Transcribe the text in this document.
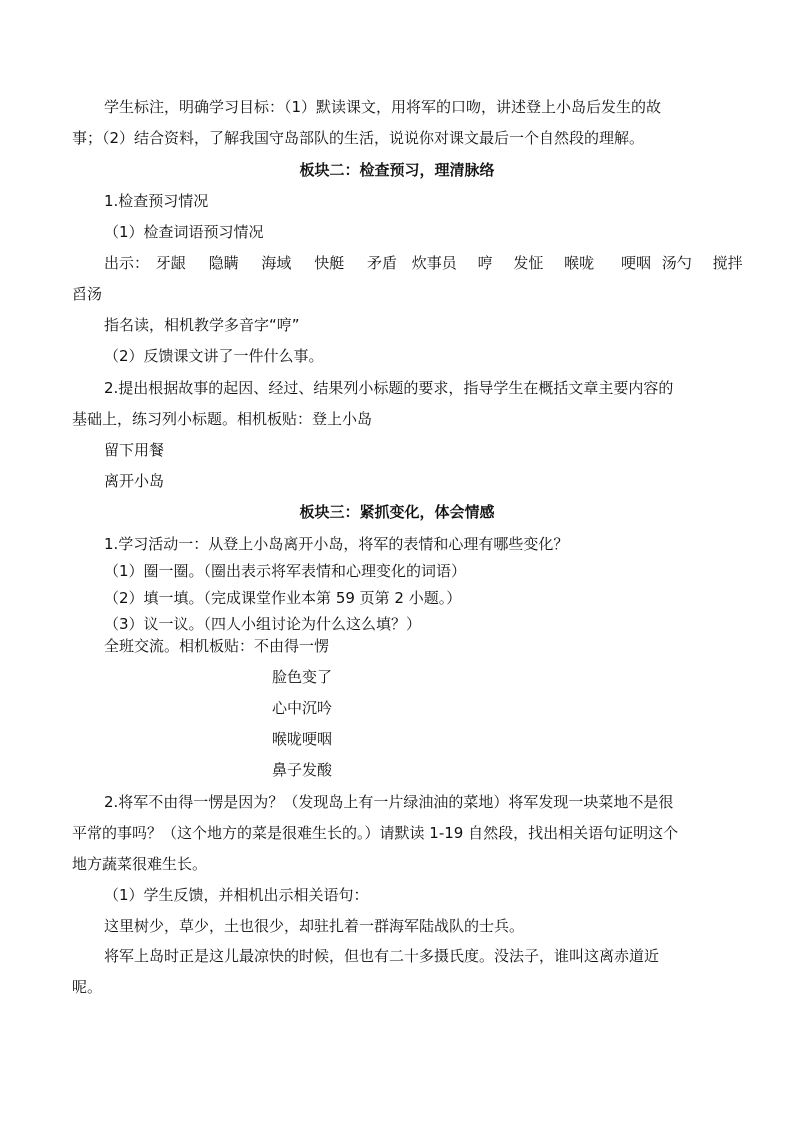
学生标注，明确学习目标：（1）默读课文，用将军的口吻，讲述登上小岛后发生的故
事；（2）结合资料，了解我国守岛部队的生活，说说你对课文最后一个自然段的理解。
板块二：检查预习，理清脉络
1.检查预习情况
（1）检查词语预习情况
出示： 牙龈 隐瞒 海域 快艇 矛盾 炊事员 哼 发怔 喉咙 哽咽 汤勺 搅拌
舀汤
指名读，相机教学多音字“哼”
（2）反馈课文讲了一件什么事。
2.提出根据故事的起因、经过、结果列小标题的要求，指导学生在概括文章主要内容的
基础上，练习列小标题。相机板贴：登上小岛
留下用餐
离开小岛
板块三：紧抓变化，体会情感
1.学习活动一：从登上小岛离开小岛，将军的表情和心理有哪些变化？
（1）圈一圈。（圈出表示将军表情和心理变化的词语）
（2）填一填。（完成课堂作业本第 59 页第 2 小题。）
（3）议一议。（四人小组讨论为什么这么填？）
全班交流。相机板贴：不由得一愣
脸色变了
心中沉吟
喉咙哽咽
鼻子发酸
2.将军不由得一愣是因为？（发现岛上有一片绿油油的菜地）将军发现一块菜地不是很
平常的事吗？（这个地方的菜是很难生长的。）请默读 1-19 自然段，找出相关语句证明这个
地方蔬菜很难生长。
（1）学生反馈，并相机出示相关语句：
这里树少，草少，土也很少，却驻扎着一群海军陆战队的士兵。
将军上岛时正是这儿最凉快的时候，但也有二十多摄氏度。没法子，谁叫这离赤道近
呢。
